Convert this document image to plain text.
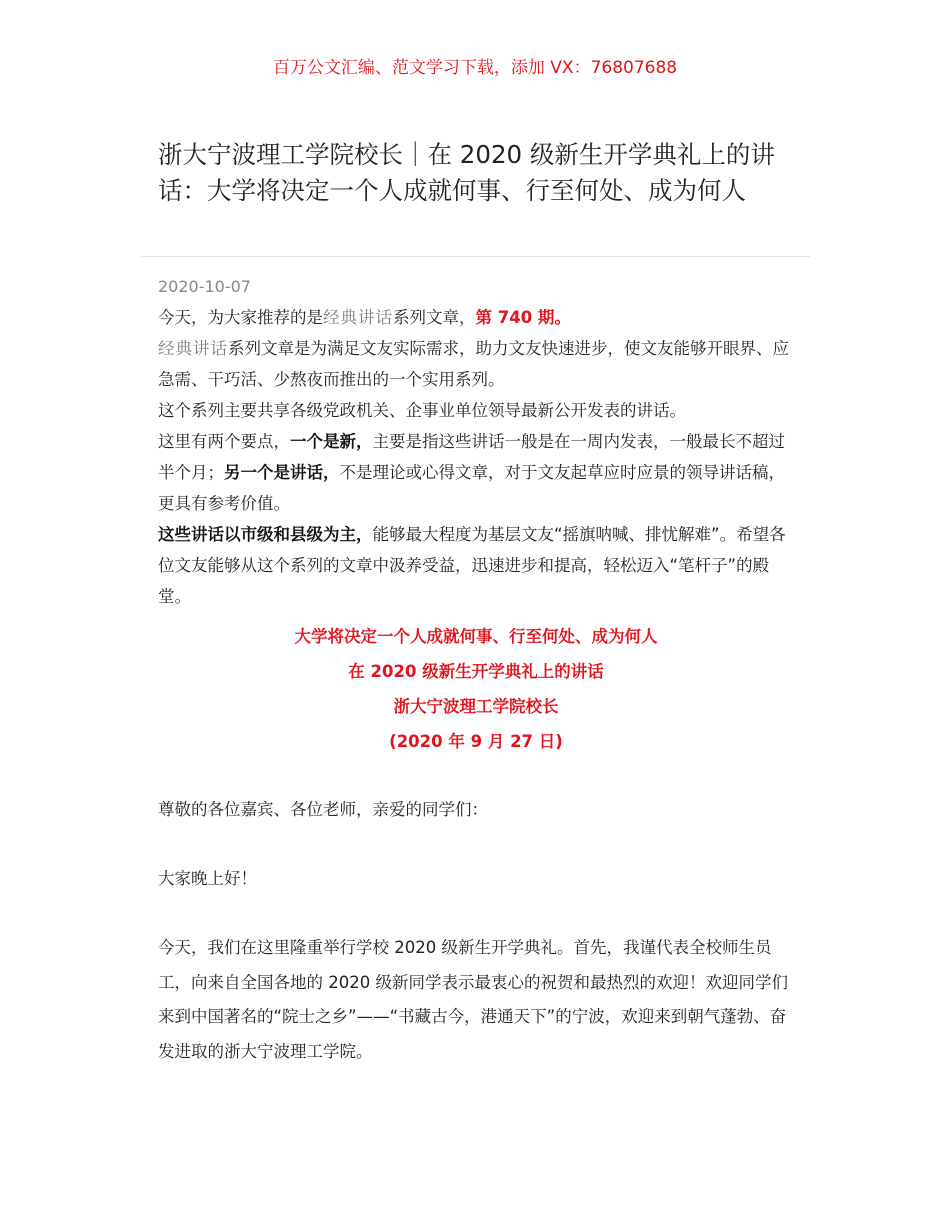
百万公文汇编、范文学习下载，添加 VX：76807688
浙大宁波理工学院校长｜在 2020 级新生开学典礼上的讲话：大学将决定一个人成就何事、行至何处、成为何人
2020-10-07

今天，为大家推荐的是经典讲话系列文章，第 740 期。

经典讲话系列文章是为满足文友实际需求，助力文友快速进步，使文友能够开眼界、应急需、干巧活、少熬夜而推出的一个实用系列。

这个系列主要共享各级党政机关、企事业单位领导最新公开发表的讲话。

这里有两个要点，一个是新，主要是指这些讲话一般是在一周内发表，一般最长不超过半个月；另一个是讲话，不是理论或心得文章，对于文友起草应时应景的领导讲话稿，更具有参考价值。

这些讲话以市级和县级为主，能够最大程度为基层文友“摇旗呐喊、排忧解难”。希望各位文友能够从这个系列的文章中汲养受益，迅速进步和提高，轻松迈入“笔杆子”的殿堂。

大学将决定一个人成就何事、行至何处、成为何人

在 2020 级新生开学典礼上的讲话

浙大宁波理工学院校长

(2020 年 9 月 27 日)

尊敬的各位嘉宾、各位老师，亲爱的同学们：

大家晚上好！

今天，我们在这里隆重举行学校 2020 级新生开学典礼。首先，我谨代表全校师生员工，向来自全国各地的 2020 级新同学表示最衷心的祝贺和最热烈的欢迎！欢迎同学们来到中国著名的“院士之乡”——“书藏古今，港通天下”的宁波，欢迎来到朝气蓬勃、奋发进取的浙大宁波理工学院。
